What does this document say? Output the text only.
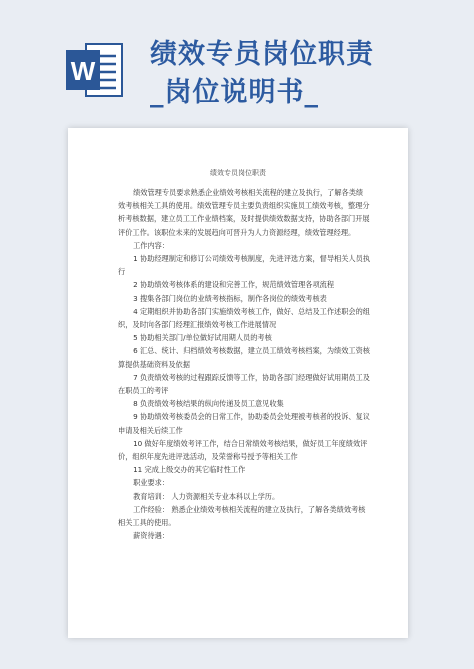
W
绩效专员岗位职责
_岗位说明书_
绩效专员岗位职责

绩效管理专员要求熟悉企业绩效考核相关流程的建立及执行，了解各类绩效考核相关工具的使用。绩效管理专员主要负责组织实施员工绩效考核，整理分析考核数据，建立员工工作业绩档案，及时提供绩效数据支持，协助各部门开展评价工作。该职位未来的发展趋向可晋升为人力资源经理，绩效管理经理。

工作内容：

1 协助经理制定和修订公司绩效考核制度，先进评选方案，督导相关人员执行

2 协助绩效考核体系的建设和完善工作，规范绩效管理各项流程

3 搜集各部门岗位的业绩考核指标，制作各岗位的绩效考核表

4 定期组织并协助各部门实施绩效考核工作，做好、总结及工作述职会的组织，及时向各部门经理汇报绩效考核工作进展情况

5 协助相关部门/单位做好试用期人员的考核

6 汇总、统计、归档绩效考核数据，建立员工绩效考核档案，为绩效工资核算提供基础资料及依据

7 负责绩效考核的过程跟踪反馈等工作，协助各部门经理做好试用期员工及在职员工的考评

8 负责绩效考核结果的纵向传递及员工意见收集

9 协助绩效考核委员会的日常工作，协助委员会处理被考核者的投诉、复议申请及相关后续工作

10 做好年度绩效考评工作，结合日常绩效考核结果，做好员工年度绩效评价，组织年度先进评选活动，及荣誉称号授予等相关工作

11 完成上级交办的其它临时性工作

职业要求：

教育培训： 人力资源相关专业本科以上学历。

工作经验： 熟悉企业绩效考核相关流程的建立及执行，了解各类绩效考核相关工具的使用。

薪资待遇：
